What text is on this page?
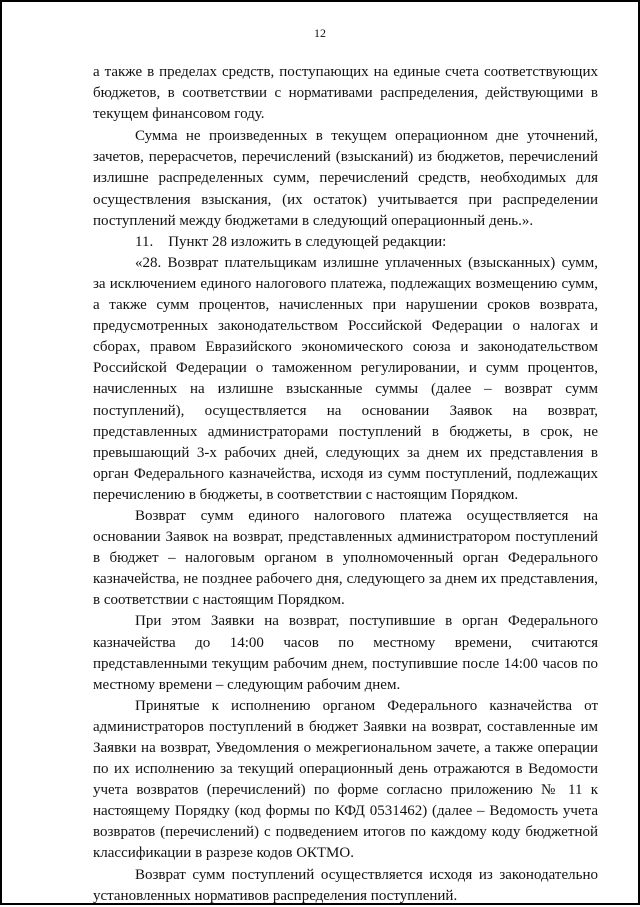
12

а также в пределах средств, поступающих на единые счета соответствующих бюджетов, в соответствии с нормативами распределения, действующими в текущем финансовом году.

Сумма не произведенных в текущем операционном дне уточнений, зачетов, перерасчетов, перечислений (взысканий) из бюджетов, перечислений излишне распределенных сумм, перечислений средств, необходимых для осуществления взыскания, (их остаток) учитывается при распределении поступлений между бюджетами в следующий операционный день.».

11.    Пункт 28 изложить в следующей редакции:

«28. Возврат плательщикам излишне уплаченных (взысканных) сумм, за исключением единого налогового платежа, подлежащих возмещению сумм, а также сумм процентов, начисленных при нарушении сроков возврата, предусмотренных законодательством Российской Федерации о налогах и сборах, правом Евразийского экономического союза и законодательством Российской Федерации о таможенном регулировании, и сумм процентов, начисленных на излишне взысканные суммы (далее – возврат сумм поступлений), осуществляется на основании Заявок на возврат, представленных администраторами поступлений в бюджеты, в срок, не превышающий 3-х рабочих дней, следующих за днем их представления в орган Федерального казначейства, исходя из сумм поступлений, подлежащих перечислению в бюджеты, в соответствии с настоящим Порядком.

Возврат сумм единого налогового платежа осуществляется на основании Заявок на возврат, представленных администратором поступлений в бюджет – налоговым органом в уполномоченный орган Федерального казначейства, не позднее рабочего дня, следующего за днем их представления, в соответствии с настоящим Порядком.

При этом Заявки на возврат, поступившие в орган Федерального казначейства до 14:00 часов по местному времени, считаются представленными текущим рабочим днем, поступившие после 14:00 часов по местному времени – следующим рабочим днем.

Принятые к исполнению органом Федерального казначейства от администраторов поступлений в бюджет Заявки на возврат, составленные им Заявки на возврат, Уведомления о межрегиональном зачете, а также операции по их исполнению за текущий операционный день отражаются в Ведомости учета возвратов (перечислений) по форме согласно приложению № 11 к настоящему Порядку (код формы по КФД 0531462) (далее – Ведомость учета возвратов (перечислений) с подведением итогов по каждому коду бюджетной классификации в разрезе кодов ОКТМО.

Возврат сумм поступлений осуществляется исходя из законодательно установленных нормативов распределения поступлений.
